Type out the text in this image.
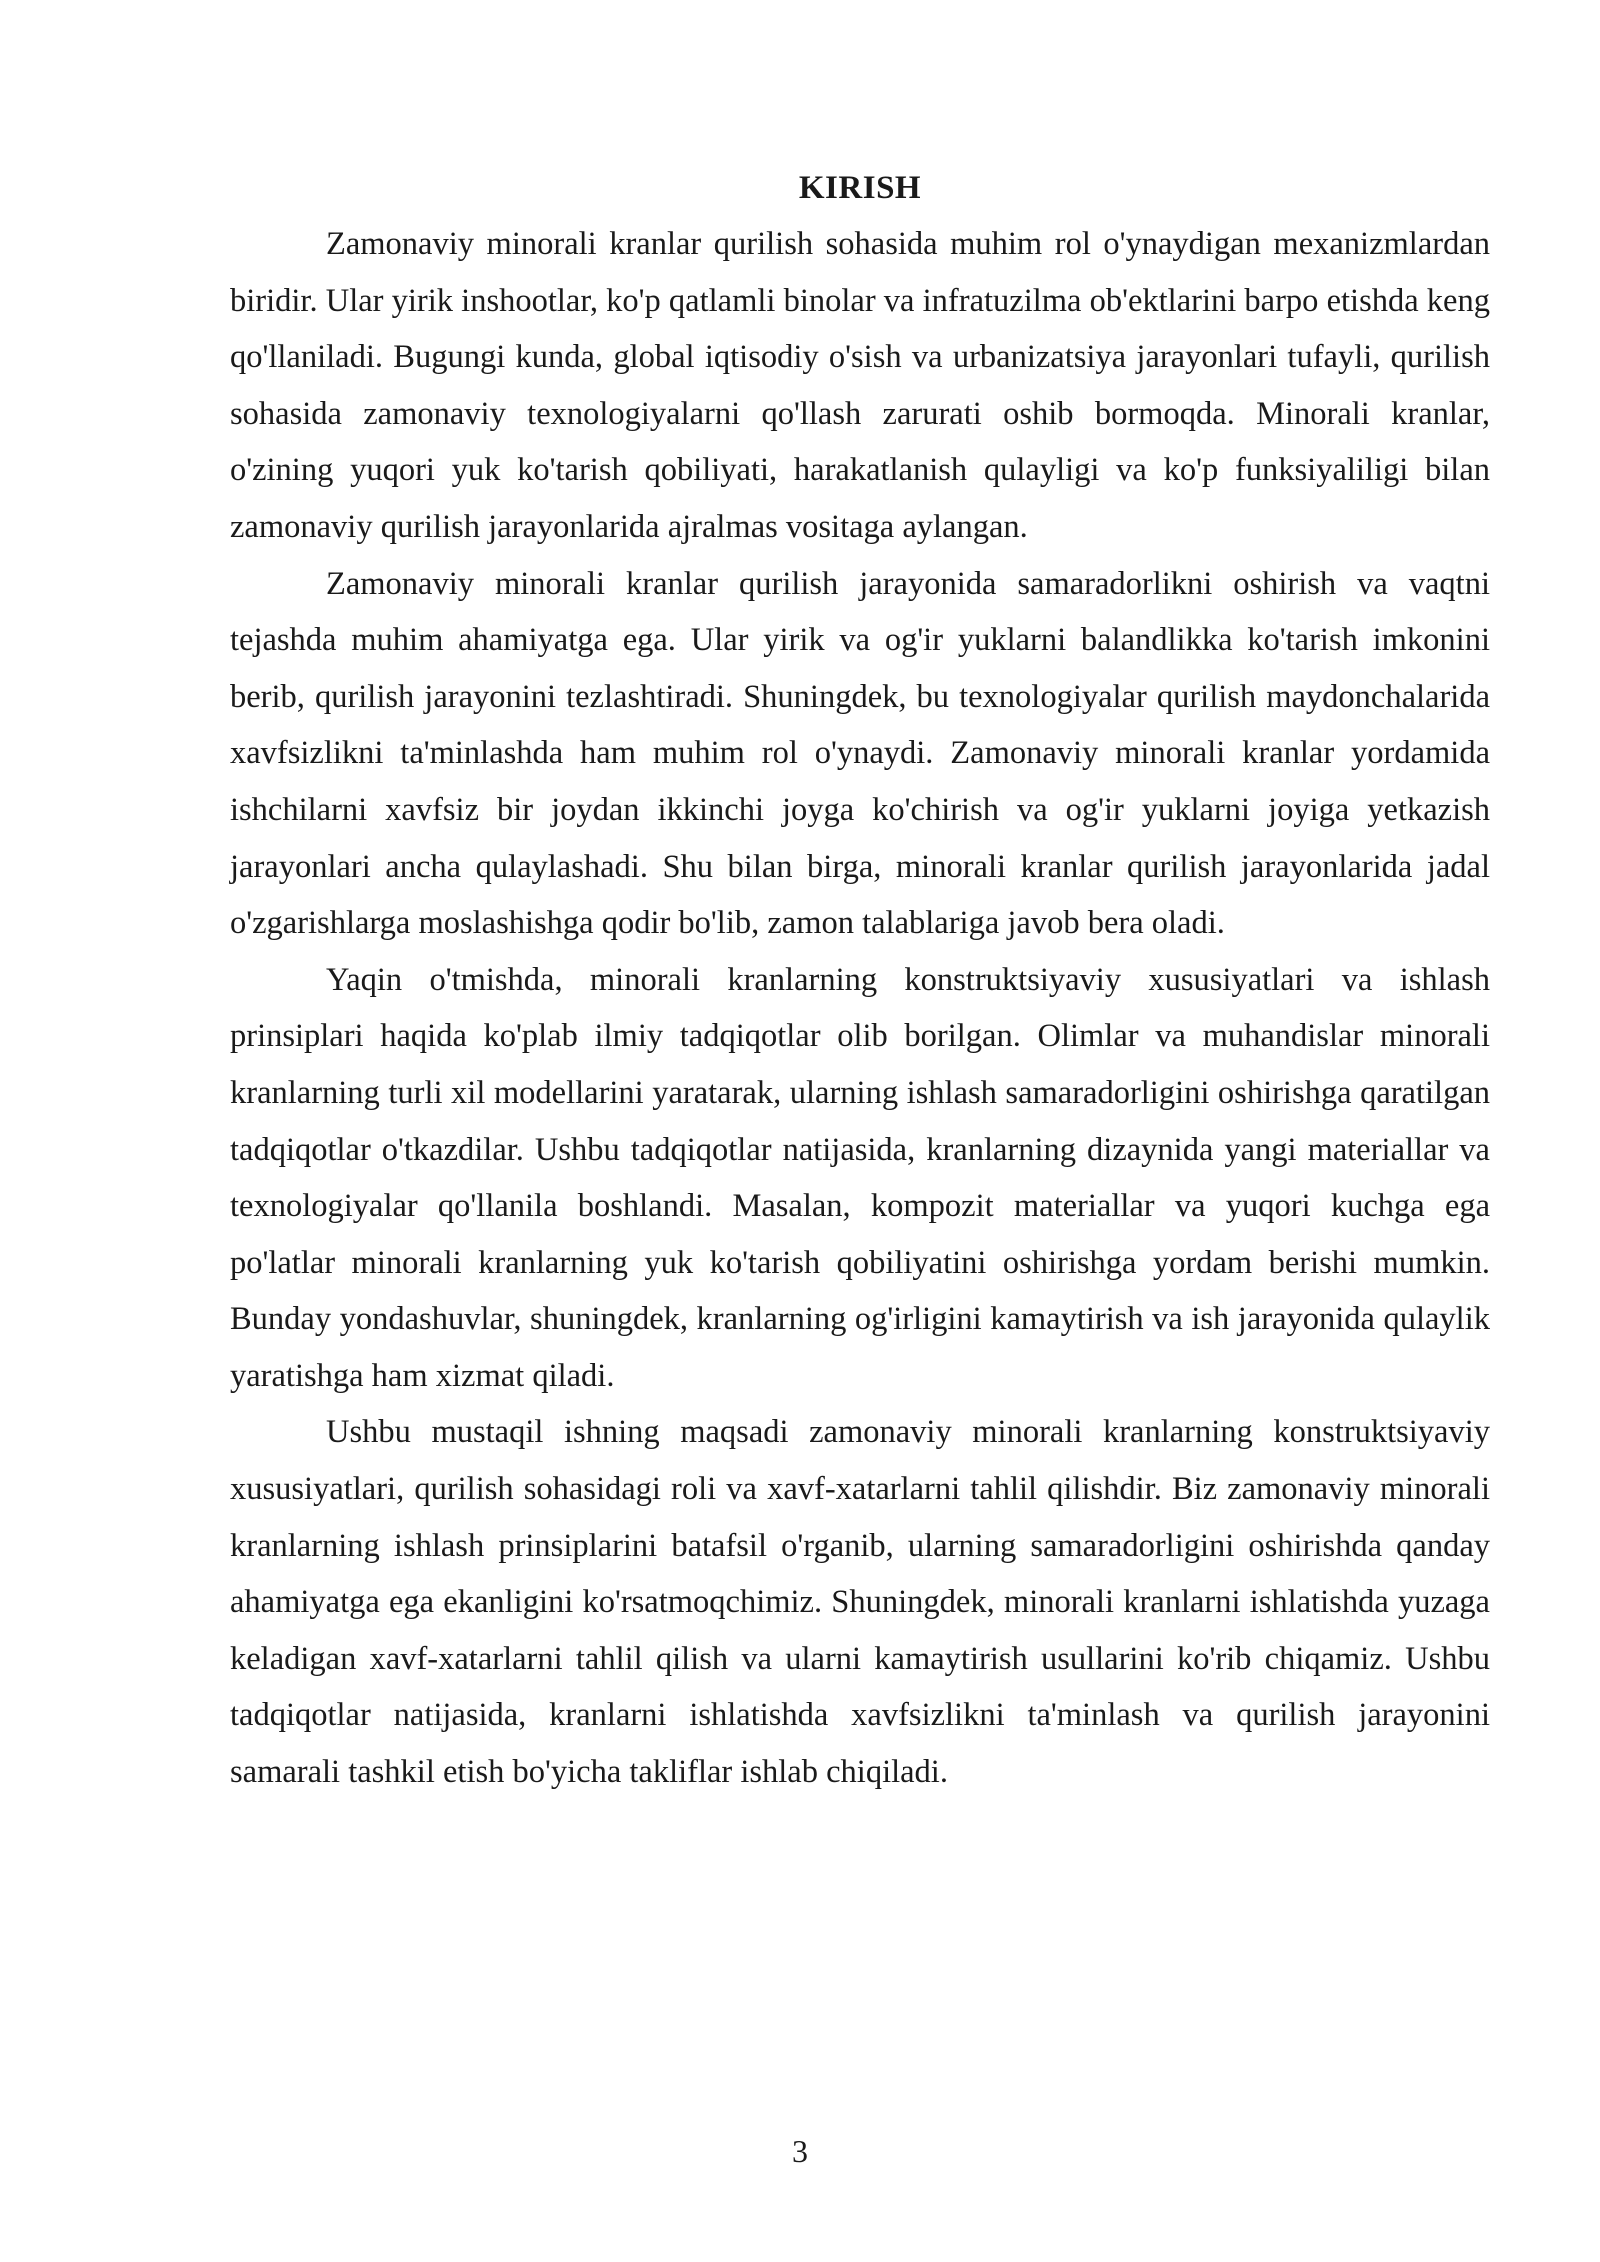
KIRISH

Zamonaviy minorali kranlar qurilish sohasida muhim rol o'ynaydigan mexanizmlardan biridir. Ular yirik inshootlar, ko'p qatlamli binolar va infratuzilma ob'ektlarini barpo etishda keng qo'llaniladi. Bugungi kunda, global iqtisodiy o'sish va urbanizatsiya jarayonlari tufayli, qurilish sohasida zamonaviy texnologiyalarni qo'llash zarurati oshib bormoqda. Minorali kranlar, o'zining yuqori yuk ko'tarish qobiliyati, harakatlanish qulayligi va ko'p funksiyaliligi bilan zamonaviy qurilish jarayonlarida ajralmas vositaga aylangan.

Zamonaviy minorali kranlar qurilish jarayonida samaradorlikni oshirish va vaqtni tejashda muhim ahamiyatga ega. Ular yirik va og'ir yuklarni balandlikka ko'tarish imkonini berib, qurilish jarayonini tezlashtiradi. Shuningdek, bu texnologiyalar qurilish maydonchalarida xavfsizlikni ta'minlashda ham muhim rol o'ynaydi. Zamonaviy minorali kranlar yordamida ishchilarni xavfsiz bir joydan ikkinchi joyga ko'chirish va og'ir yuklarni joyiga yetkazish jarayonlari ancha qulaylashadi. Shu bilan birga, minorali kranlar qurilish jarayonlarida jadal o'zgarishlarga moslashishga qodir bo'lib, zamon talablariga javob bera oladi.

Yaqin o'tmishda, minorali kranlarning konstruktsiyaviy xususiyatlari va ishlash prinsiplari haqida ko'plab ilmiy tadqiqotlar olib borilgan. Olimlar va muhandislar minorali kranlarning turli xil modellarini yaratarak, ularning ishlash samaradorligini oshirishga qaratilgan tadqiqotlar o'tkazdilar. Ushbu tadqiqotlar natijasida, kranlarning dizaynida yangi materiallar va texnologiyalar qo'llanila boshlandi. Masalan, kompozit materiallar va yuqori kuchga ega po'latlar minorali kranlarning yuk ko'tarish qobiliyatini oshirishga yordam berishi mumkin. Bunday yondashuvlar, shuningdek, kranlarning og'irligini kamaytirish va ish jarayonida qulaylik yaratishga ham xizmat qiladi.

Ushbu mustaqil ishning maqsadi zamonaviy minorali kranlarning konstruktsiyaviy xususiyatlari, qurilish sohasidagi roli va xavf-xatarlarni tahlil qilishdir. Biz zamonaviy minorali kranlarning ishlash prinsiplarini batafsil o'rganib, ularning samaradorligini oshirishda qanday ahamiyatga ega ekanligini ko'rsatmoqchimiz. Shuningdek, minorali kranlarni ishlatishda yuzaga keladigan xavf-xatarlarni tahlil qilish va ularni kamaytirish usullarini ko'rib chiqamiz. Ushbu tadqiqotlar natijasida, kranlarni ishlatishda xavfsizlikni ta'minlash va qurilish jarayonini samarali tashkil etish bo'yicha takliflar ishlab chiqiladi.

3
